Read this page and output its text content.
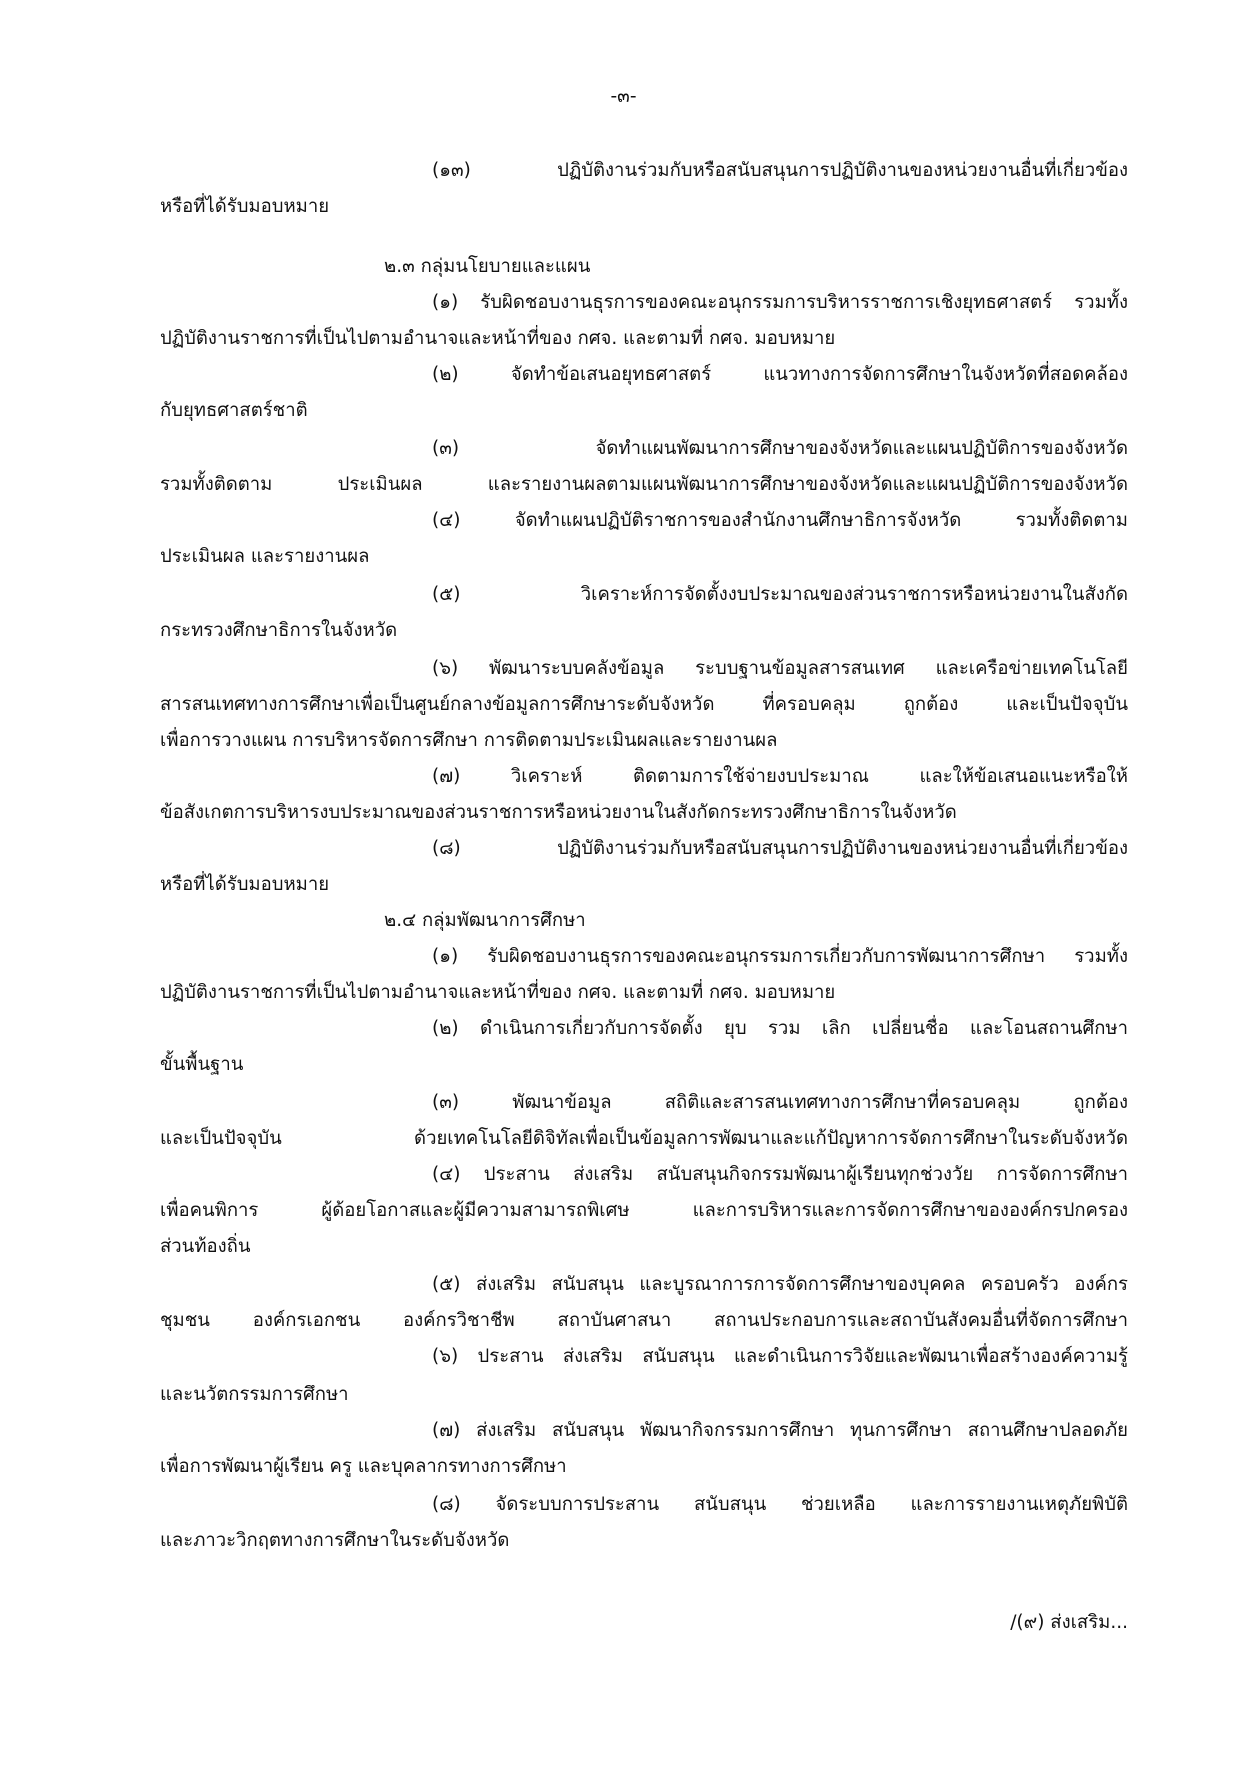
-๓-
(๑๓) ปฏิบัติงานร่วมกับหรือสนับสนุนการปฏิบัติงานของหน่วยงานอื่นที่เกี่ยวข้อง
หรือที่ได้รับมอบหมาย
๒.๓ กลุ่มนโยบายและแผน
(๑) รับผิดชอบงานธุรการของคณะอนุกรรมการบริหารราชการเชิงยุทธศาสตร์ รวมทั้ง
ปฏิบัติงานราชการที่เป็นไปตามอำนาจและหน้าที่ของ กศจ. และตามที่ กศจ. มอบหมาย
(๒) จัดทำข้อเสนอยุทธศาสตร์ แนวทางการจัดการศึกษาในจังหวัดที่สอดคล้อง
กับยุทธศาสตร์ชาติ
(๓) จัดทำแผนพัฒนาการศึกษาของจังหวัดและแผนปฏิบัติการของจังหวัด
รวมทั้งติดตาม ประเมินผล และรายงานผลตามแผนพัฒนาการศึกษาของจังหวัดและแผนปฏิบัติการของจังหวัด
(๔) จัดทำแผนปฏิบัติราชการของสำนักงานศึกษาธิการจังหวัด รวมทั้งติดตาม
ประเมินผล และรายงานผล
(๕) วิเคราะห์การจัดตั้งงบประมาณของส่วนราชการหรือหน่วยงานในสังกัด
กระทรวงศึกษาธิการในจังหวัด
(๖) พัฒนาระบบคลังข้อมูล ระบบฐานข้อมูลสารสนเทศ และเครือข่ายเทคโนโลยี
สารสนเทศทางการศึกษาเพื่อเป็นศูนย์กลางข้อมูลการศึกษาระดับจังหวัด ที่ครอบคลุม ถูกต้อง และเป็นปัจจุบัน
เพื่อการวางแผน การบริหารจัดการศึกษา การติดตามประเมินผลและรายงานผล
(๗) วิเคราะห์ ติดตามการใช้จ่ายงบประมาณ และให้ข้อเสนอแนะหรือให้
ข้อสังเกตการบริหารงบประมาณของส่วนราชการหรือหน่วยงานในสังกัดกระทรวงศึกษาธิการในจังหวัด
(๘) ปฏิบัติงานร่วมกับหรือสนับสนุนการปฏิบัติงานของหน่วยงานอื่นที่เกี่ยวข้อง
หรือที่ได้รับมอบหมาย
๒.๔ กลุ่มพัฒนาการศึกษา
(๑) รับผิดชอบงานธุรการของคณะอนุกรรมการเกี่ยวกับการพัฒนาการศึกษา รวมทั้ง
ปฏิบัติงานราชการที่เป็นไปตามอำนาจและหน้าที่ของ กศจ. และตามที่ กศจ. มอบหมาย
(๒) ดำเนินการเกี่ยวกับการจัดตั้ง ยุบ รวม เลิก เปลี่ยนชื่อ และโอนสถานศึกษา
ขั้นพื้นฐาน
(๓) พัฒนาข้อมูล สถิติและสารสนเทศทางการศึกษาที่ครอบคลุม ถูกต้อง
และเป็นปัจจุบัน ด้วยเทคโนโลยีดิจิทัลเพื่อเป็นข้อมูลการพัฒนาและแก้ปัญหาการจัดการศึกษาในระดับจังหวัด
(๔) ประสาน ส่งเสริม สนับสนุนกิจกรรมพัฒนาผู้เรียนทุกช่วงวัย การจัดการศึกษา
เพื่อคนพิการ ผู้ด้อยโอกาสและผู้มีความสามารถพิเศษ และการบริหารและการจัดการศึกษาขององค์กรปกครอง
ส่วนท้องถิ่น
(๕) ส่งเสริม สนับสนุน และบูรณาการการจัดการศึกษาของบุคคล ครอบครัว องค์กร
ชุมชน องค์กรเอกชน องค์กรวิชาชีพ สถาบันศาสนา สถานประกอบการและสถาบันสังคมอื่นที่จัดการศึกษา
(๖) ประสาน ส่งเสริม สนับสนุน และดำเนินการวิจัยและพัฒนาเพื่อสร้างองค์ความรู้
และนวัตกรรมการศึกษา
(๗) ส่งเสริม สนับสนุน พัฒนากิจกรรมการศึกษา ทุนการศึกษา สถานศึกษาปลอดภัย
เพื่อการพัฒนาผู้เรียน ครู และบุคลากรทางการศึกษา
(๘) จัดระบบการประสาน สนับสนุน ช่วยเหลือ และการรายงานเหตุภัยพิบัติ
และภาวะวิกฤตทางการศึกษาในระดับจังหวัด
/(๙) ส่งเสริม...
